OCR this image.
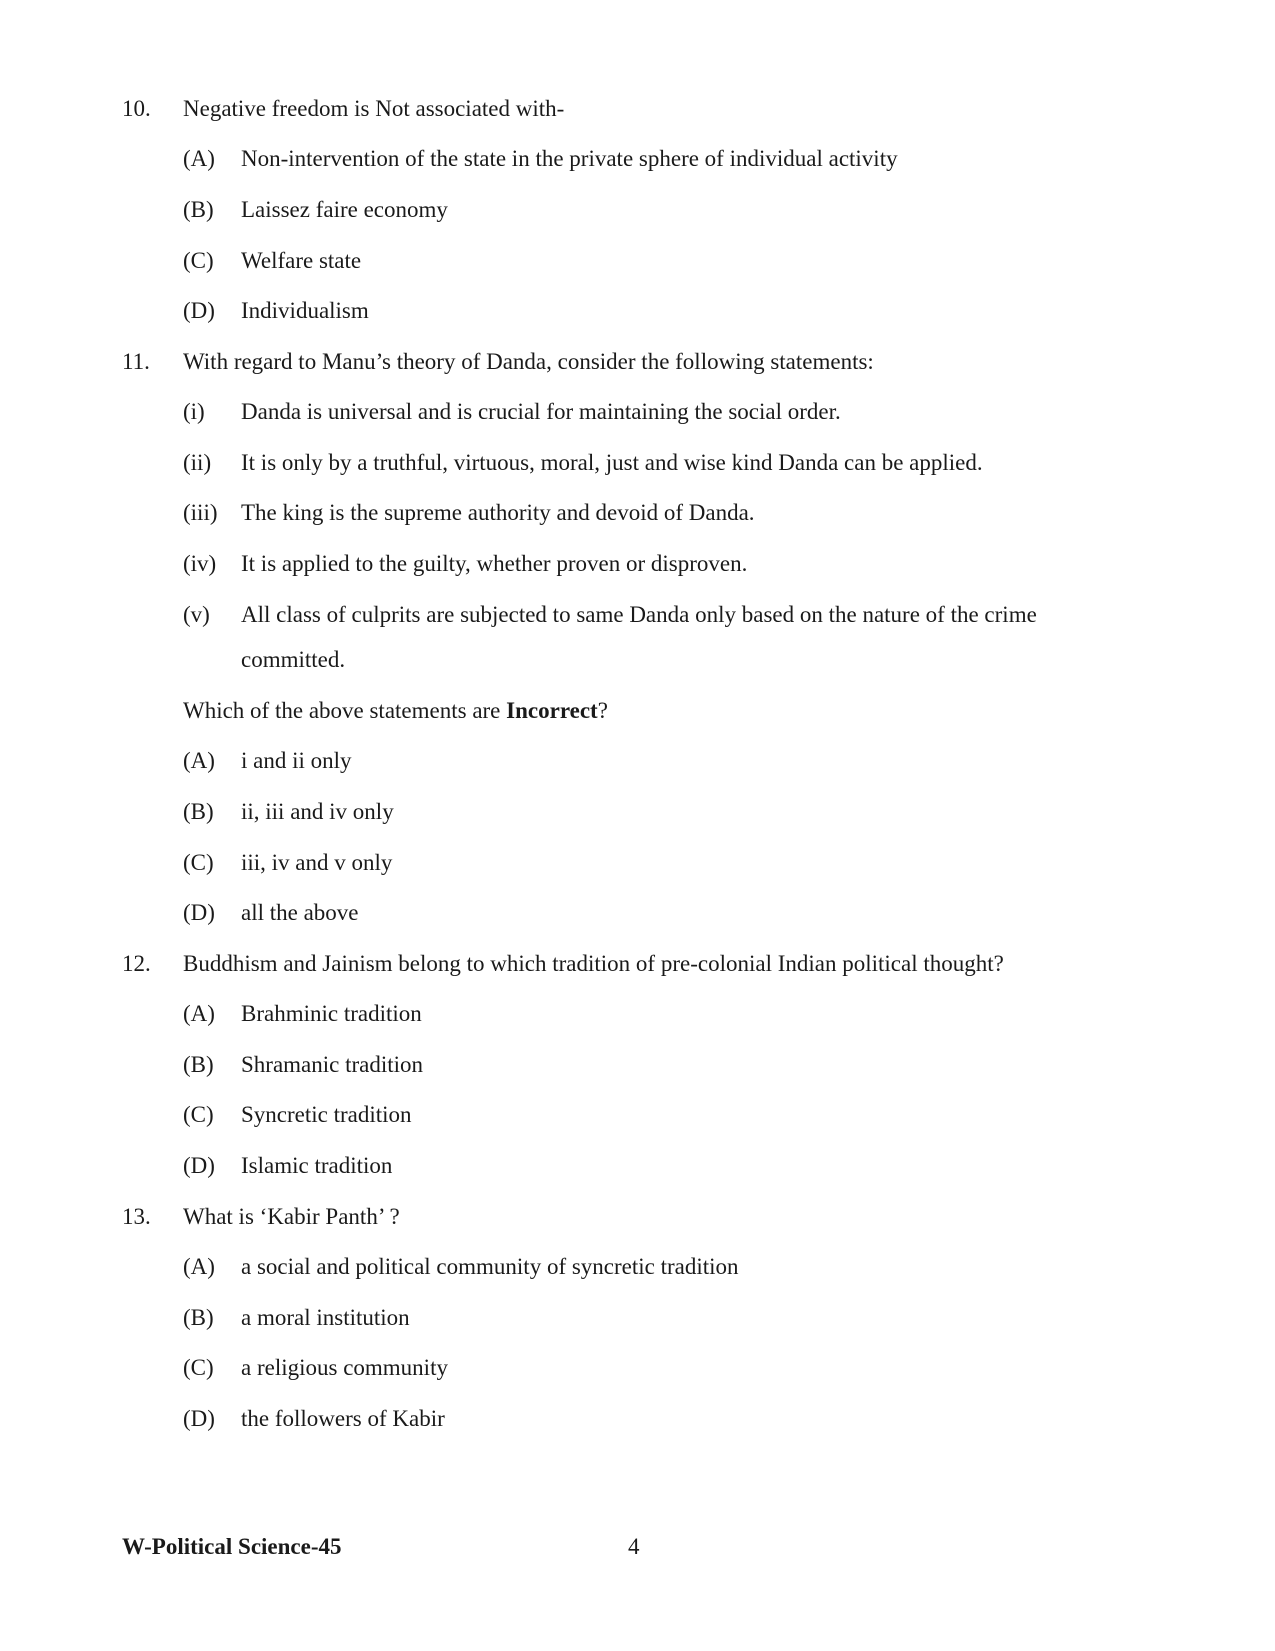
10. Negative freedom is Not associated with-
(A) Non-intervention of the state in the private sphere of individual activity
(B) Laissez faire economy
(C) Welfare state
(D) Individualism
11. With regard to Manu’s theory of Danda, consider the following statements:
(i) Danda is universal and is crucial for maintaining the social order.
(ii) It is only by a truthful, virtuous, moral, just and wise kind Danda can be applied.
(iii) The king is the supreme authority and devoid of Danda.
(iv) It is applied to the guilty, whether proven or disproven.
(v) All class of culprits are subjected to same Danda only based on the nature of the crime
committed.
Which of the above statements are Incorrect?
(A) i and ii only
(B) ii, iii and iv only
(C) iii, iv and v only
(D) all the above
12. Buddhism and Jainism belong to which tradition of pre-colonial Indian political thought?
(A) Brahminic tradition
(B) Shramanic tradition
(C) Syncretic tradition
(D) Islamic tradition
13. What is ‘Kabir Panth’ ?
(A) a social and political community of syncretic tradition
(B) a moral institution
(C) a religious community
(D) the followers of Kabir
W-Political Science-45	4
